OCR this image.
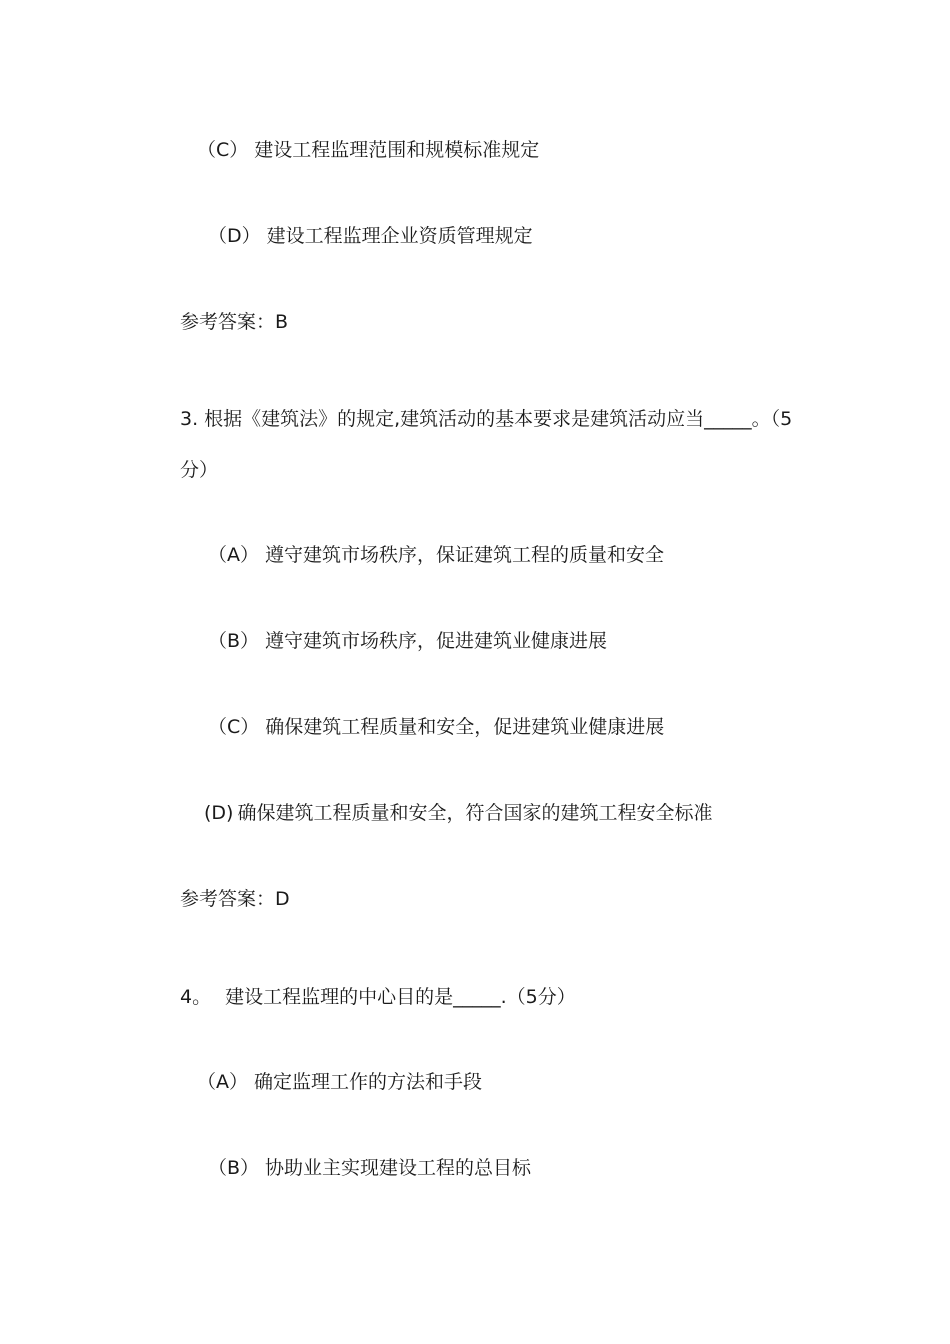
（C） 建设工程监理范围和规模标准规定
（D） 建设工程监理企业资质管理规定
参考答案：B
3. 根据《建筑法》的规定,建筑活动的基本要求是建筑活动应当_____。（5
分）
（A） 遵守建筑市场秩序，保证建筑工程的质量和安全
（B） 遵守建筑市场秩序，促进建筑业健康进展
（C） 确保建筑工程质量和安全，促进建筑业健康进展
(D) 确保建筑工程质量和安全，符合国家的建筑工程安全标准
参考答案：D
4。 建设工程监理的中心目的是_____.（5分）
（A） 确定监理工作的方法和手段
（B） 协助业主实现建设工程的总目标
